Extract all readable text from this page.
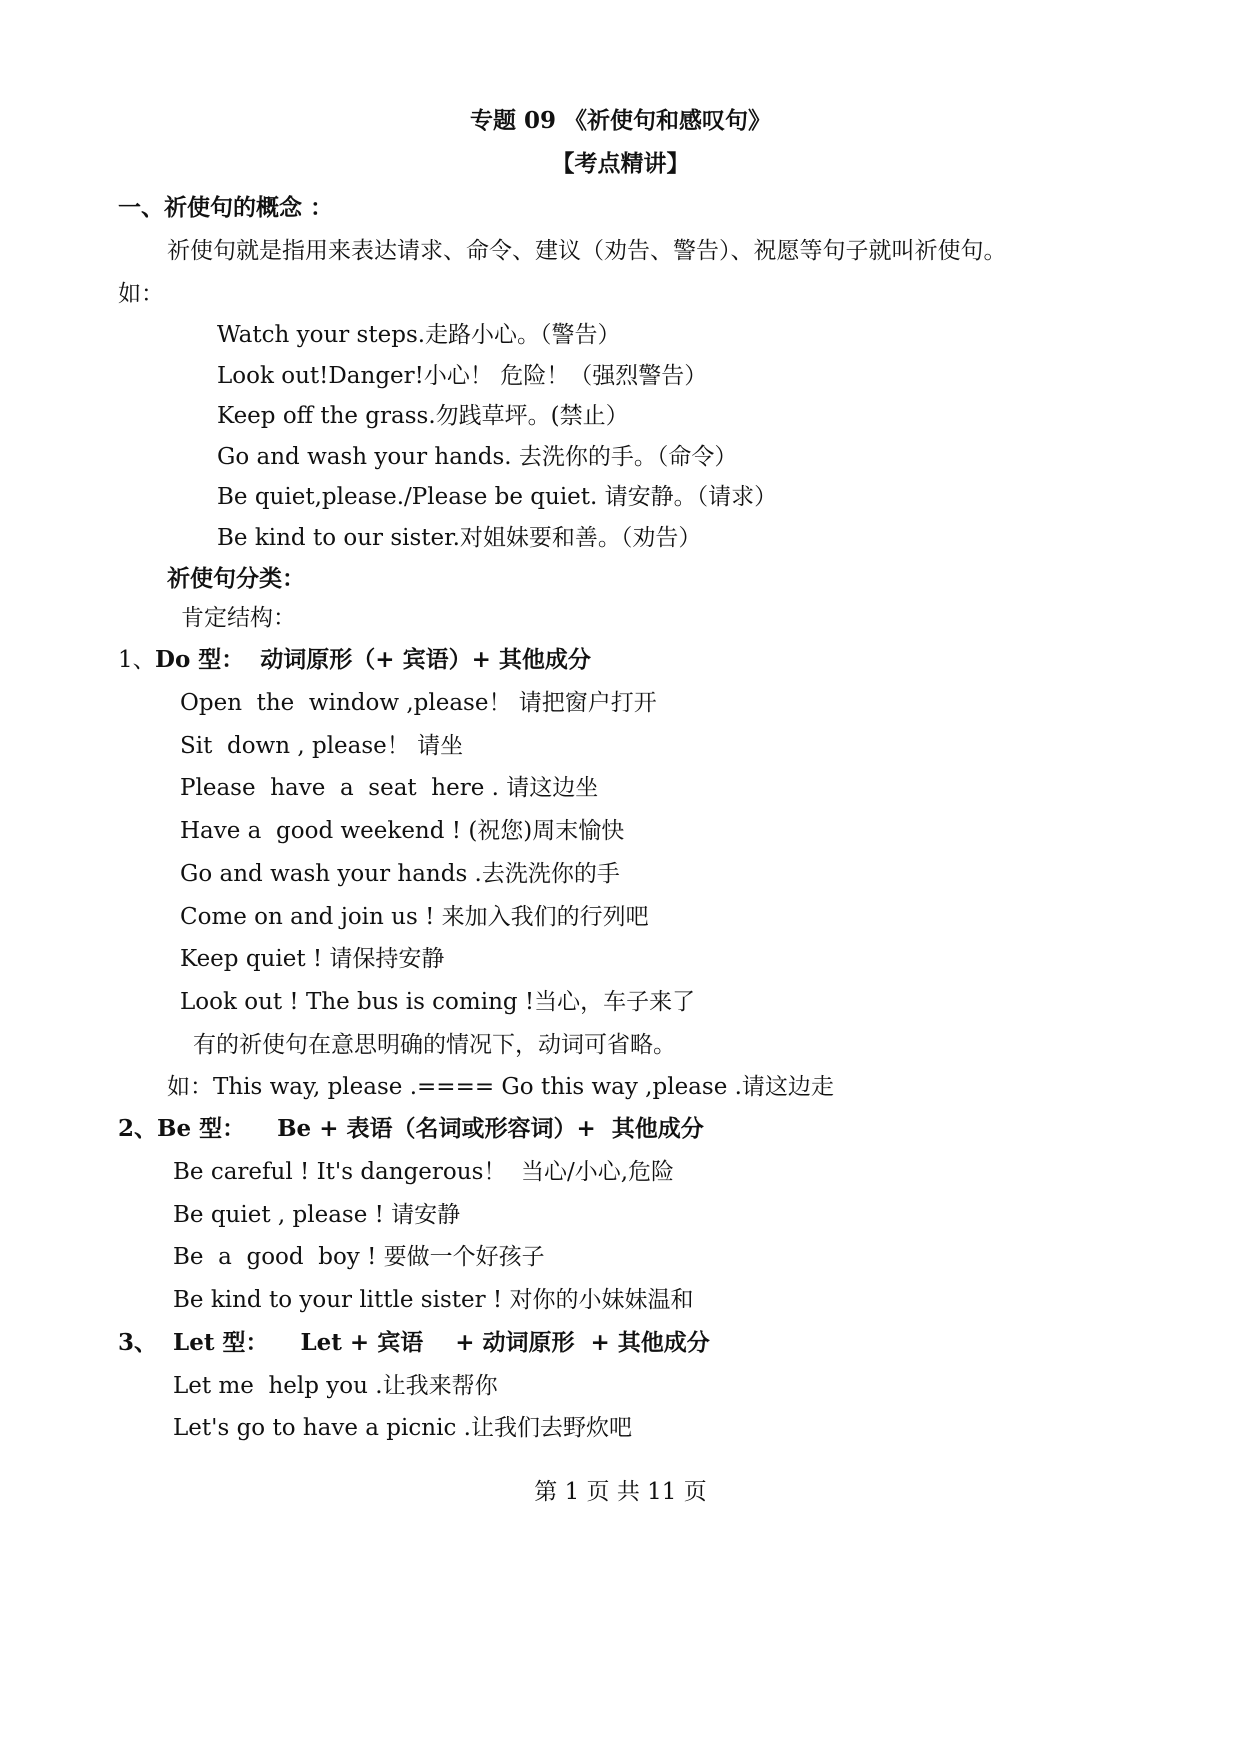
专题 09 《祈使句和感叹句》
【考点精讲】
一、祈使句的概念 ：
祈使句就是指用来表达请求、命令、建议（劝告、警告）、祝愿等句子就叫祈使句。
如：
Watch your steps.走路小心。（警告）
Look out!Danger!小心！ 危险！（强烈警告）
Keep off the grass.勿践草坪。(禁止）
Go and wash your hands. 去洗你的手。（命令）
Be quiet,please./Please be quiet. 请安静。（请求）
Be kind to our sister.对姐妹要和善。（劝告）
祈使句分类：
肯定结构：
1、 Do 型：  动词原形（+ 宾语）+ 其他成分
Open  the  window ,please！ 请把窗户打开
Sit  down , please！ 请坐
Please  have  a  seat  here . 请这边坐
Have a  good weekend ! (祝您)周末愉快
Go and wash your hands .去洗洗你的手
Come on and join us ! 来加入我们的行列吧
Keep quiet ! 请保持安静
Look out ! The bus is coming !当心，车子来了
有的祈使句在意思明确的情况下，动词可省略。
如：This way, please .==== Go this way ,please .请这边走
2、Be 型：    Be + 表语（名词或形容词）+  其他成分
Be careful ! It's dangerous！  当心/小心,危险
Be quiet , please ! 请安静
Be  a  good  boy ! 要做一个好孩子
Be kind to your little sister ! 对你的小妹妹温和
3、  Let 型：    Let + 宾语    + 动词原形  + 其他成分
Let me  help you .让我来帮你
Let's go to have a picnic .让我们去野炊吧
第 1 页 共 11 页
